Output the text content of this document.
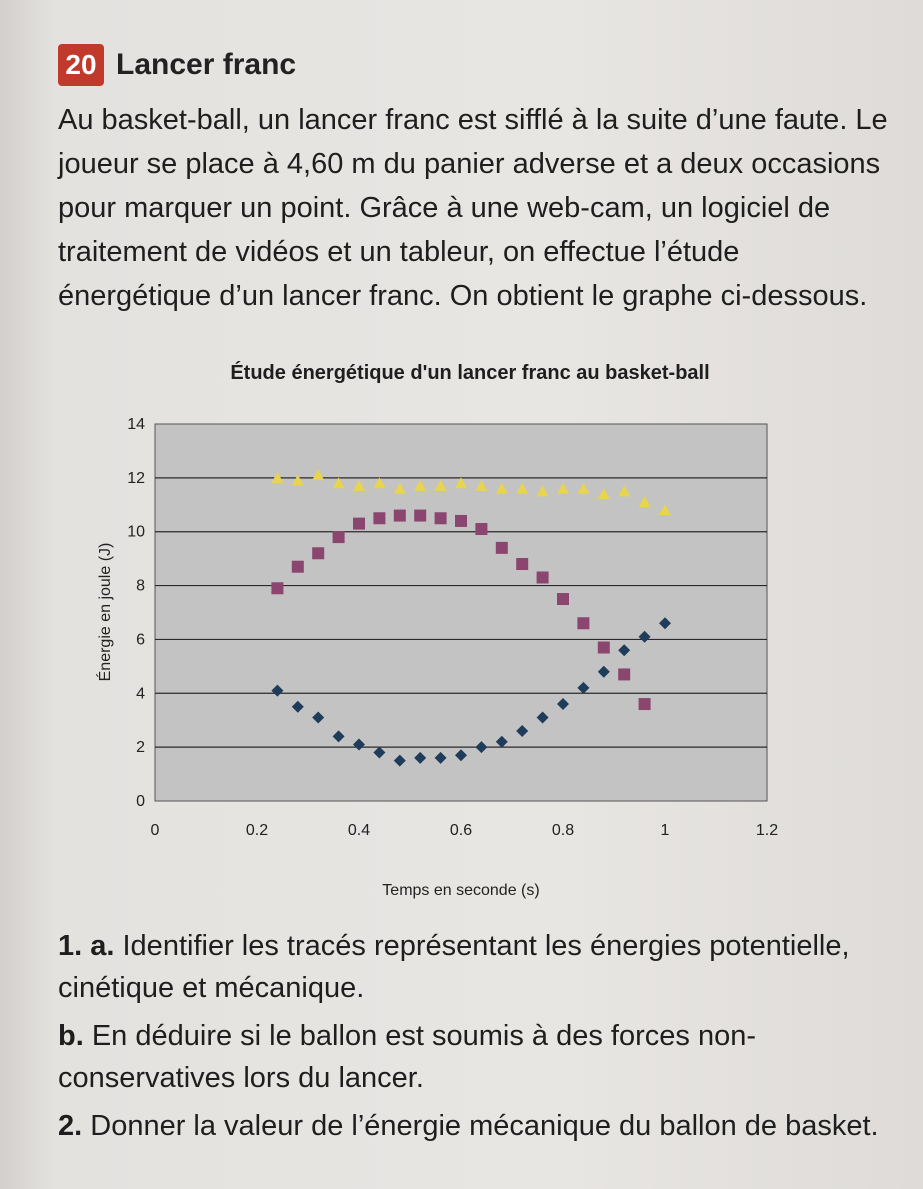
20 Lancer franc

Au basket-ball, un lancer franc est sifflé à la suite d’une faute. Le joueur se place à 4,60 m du panier adverse et a deux occasions pour marquer un point. Grâce à une web-cam, un logiciel de traitement de vidéos et un tableur, on effectue l’étude énergétique d’un lancer franc. On obtient le graphe ci-dessous.

Étude énergétique d'un lancer franc au basket-ball
0
2
4
6
8
10
12
14
0	0.2	0.4	0.6	0.8	1	1.2
Énergie en joule (J)
Temps en seconde (s)

1. a. Identifier les tracés représentant les énergies potentielle, cinétique et mécanique.

b. En déduire si le ballon est soumis à des forces non-conservatives lors du lancer.

2. Donner la valeur de l’énergie mécanique du ballon de basket.
